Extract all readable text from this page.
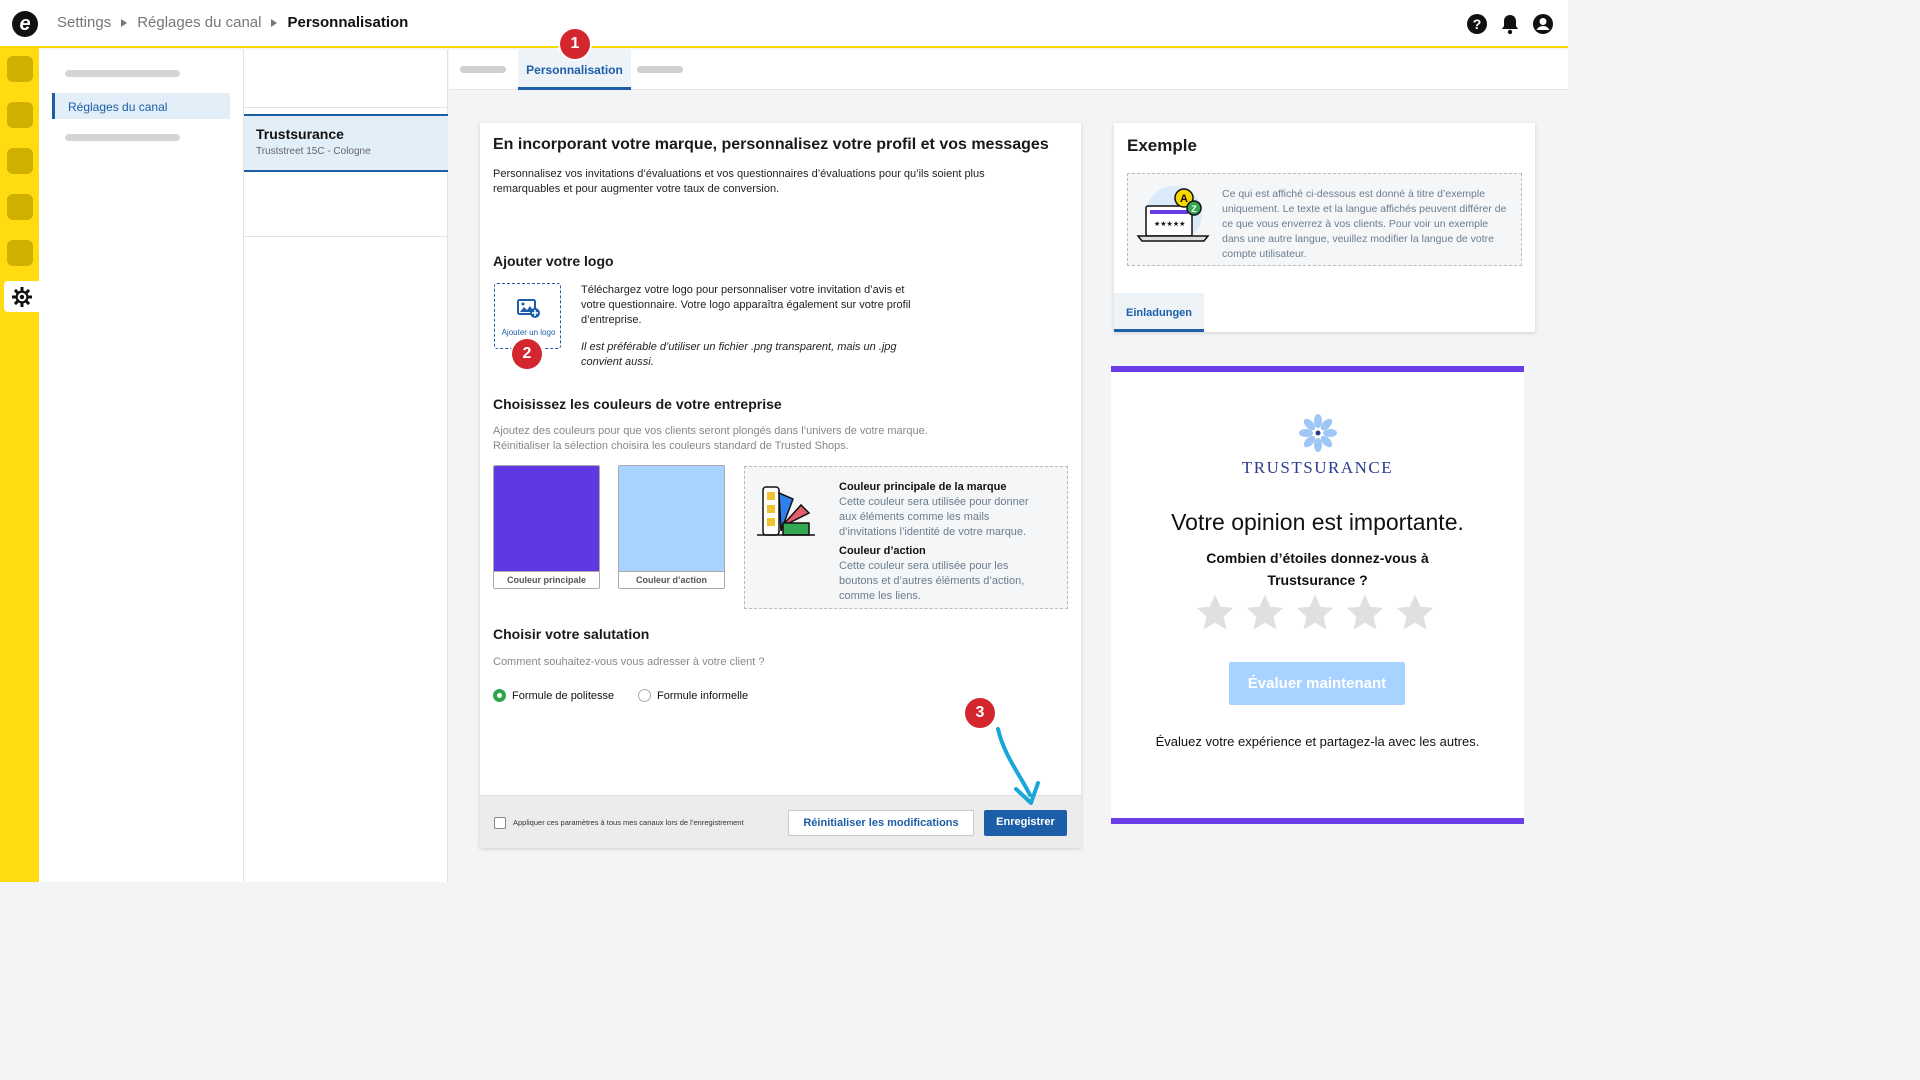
e	Settings Réglages du canal Personnalisation	?
Réglages du canal
Trustsurance
Truststreet 15C - Cologne
Personnalisation
1
En incorporant votre marque, personnalisez votre profil et vos messages
Personnalisez vos invitations d’évaluations et vos questionnaires d’évaluations pour qu’ils soient plus remarquables et pour augmenter votre taux de conversion.
Ajouter votre logo
Ajouter un logo
Téléchargez votre logo pour personnaliser votre invitation d’avis et votre questionnaire. Votre logo apparaîtra également sur votre profil d’entreprise.
Il est préférable d’utiliser un fichier .png transparent, mais un .jpg convient aussi.
Choisissez les couleurs de votre entreprise
Ajoutez des couleurs pour que vos clients seront plongés dans l’univers de votre marque.
Réinitialiser la sélection choisira les couleurs standard de Trusted Shops.
Couleur principale	Couleur d’action
Couleur principale de la marque
Cette couleur sera utilisée pour donner aux éléments comme les mails d’invitations l’identité de votre marque.
Couleur d’action
Cette couleur sera utilisée pour les boutons et d’autres éléments d’action, comme les liens.
Choisir votre salutation
Comment souhaitez-vous vous adresser à votre client ?
Formule de politesse	Formule informelle
Appliquer ces paramètres à tous mes canaux lors de l’enregistrement	Réinitialiser les modifications	Enregistrer
2
3
Exemple
★★★★★
A
Z
Ce qui est affiché ci-dessous est donné à titre d’exemple uniquement. Le texte et la langue affichés peuvent différer de ce que vous enverrez à vos clients. Pour voir un exemple dans une autre langue, veuillez modifier la langue de votre compte utilisateur.
Einladungen
TRUSTSURANCE
Votre opinion est importante.
Combien d’étoiles donnez-vous à Trustsurance ?
Évaluer maintenant
Évaluez votre expérience et partagez-la avec les autres.
